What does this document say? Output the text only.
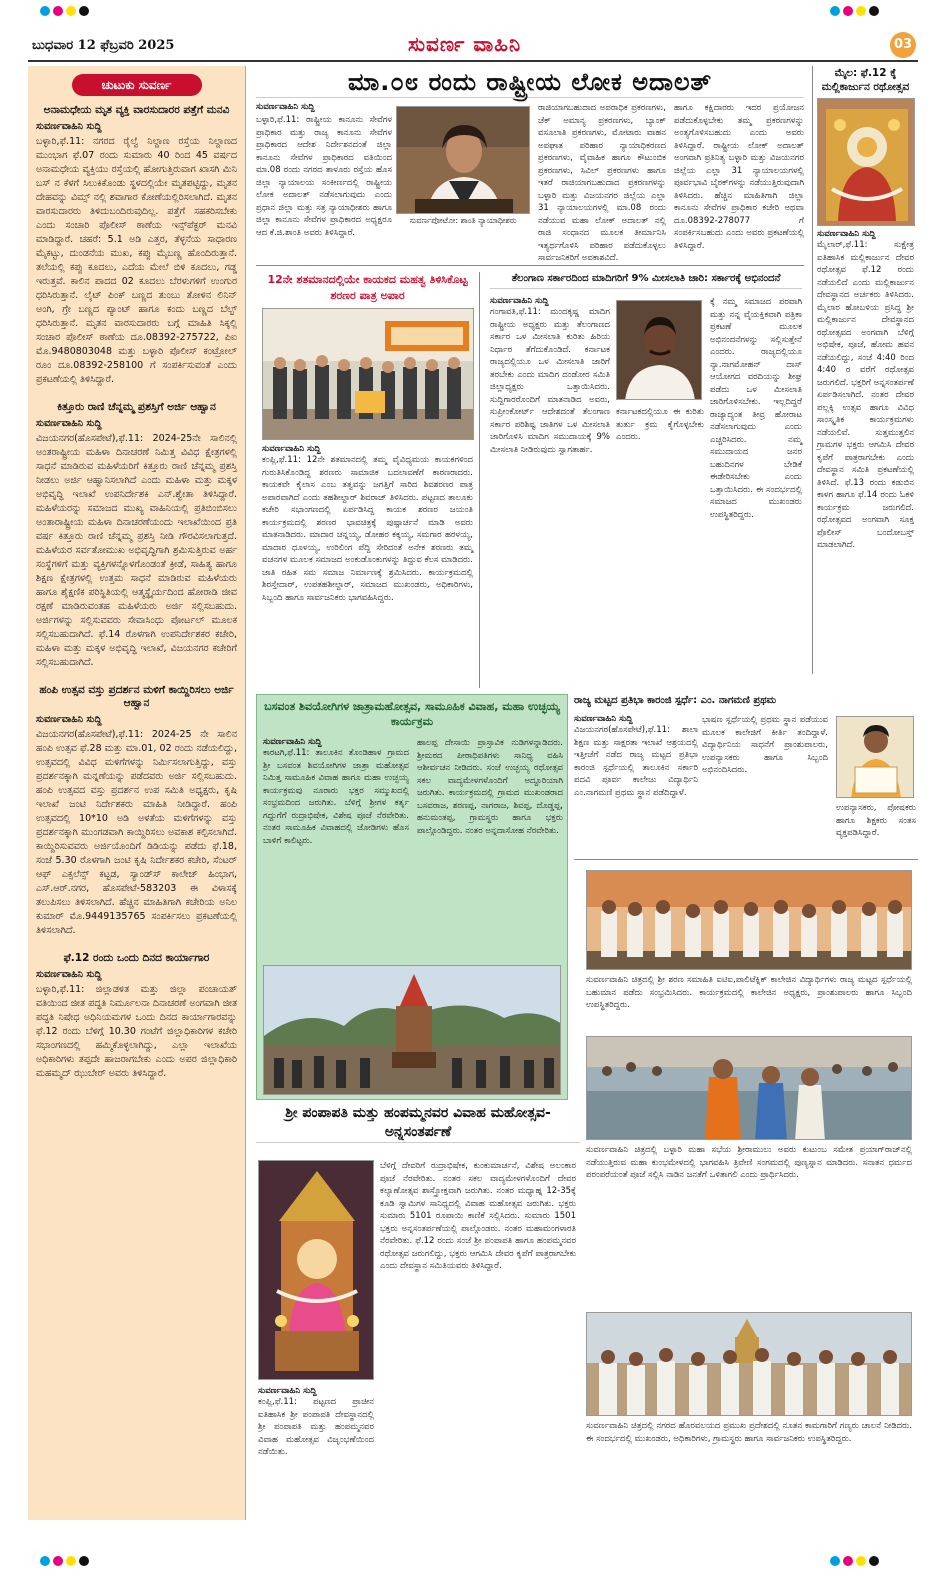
ಬುಧವಾರ 12 ಫೆಬ್ರವರಿ 2025	ಸುವರ್ಣ ವಾಹಿನಿ	03
ಚುಟುಕು ಸುವರ್ಣ
ಅನಾಮಧೇಯ ಮೃತ ವ್ಯಕ್ತಿ ವಾರಸುದಾರರ ಪತ್ತೆಗೆ ಮನವಿ
ಸುವರ್ಣವಾಹಿನಿ ಸುದ್ದಿ

ಬಳ್ಳಾರಿ,ಫೆ.11: ನಗರದ ರೈಲ್ವೆ ನಿಲ್ದಾಣ ರಸ್ತೆಯ ನಿಲ್ದಾಣದ ಮುಂಭಾಗ ಫೆ.07 ರಂದು ಸುಮಾರು 40 ರಿಂದ 45 ವರ್ಷದ ಅನಾಮಧೇಯ ವ್ಯಕ್ತಿಯು ರಸ್ತೆಯಲ್ಲಿ ಹೋಗುತ್ತಿರುವಾಗ ಖಾಸಗಿ ಮಿನಿ ಬಸ್ ನ ಕೆಳಗೆ ಸಿಲುಕಿಕೊಂಡು ಸ್ಥಳದಲ್ಲಿಯೇ ಮೃತಪಟ್ಟಿದ್ದು, ಮೃತನ ದೇಹವನ್ನು ವಿಮ್ಸ್ ನಲ್ಲಿ ಶವಾಗಾರ ಕೋಣೆಯಲ್ಲಿರಿಸಲಾಗಿದೆ. ಮೃತನ ವಾರಸುದಾರರು ತಿಳಿದುಬಂದಿರುವುದಿಲ್ಲ. ಪತ್ತೆಗೆ ಸಹಕರಿಸಬೇಕು ಎಂದು ಸಂಚಾರಿ ಪೊಲೀಸ್ ಠಾಣೆಯ ಇನ್ಸ್‌ಪೆಕ್ಟರ್ ಮನವಿ ಮಾಡಿದ್ದಾರೆ. ಚಹರೆ: 5.1 ಅಡಿ ಎತ್ತರ, ತೆಳ್ಳನೆಯ ಸಾಧಾರಣ ಮೈಕಟ್ಟು, ದುಂಡನೆಯ ಮುಖ, ಕಪ್ಪು ಮೈಬಣ್ಣ ಹೊಂದಿರುತ್ತಾನೆ. ತಲೆಯಲ್ಲಿ ಕಪ್ಪು ಕೂದಲು, ಎದೆಯ ಮೇಲೆ ಬಿಳಿ ಕೂದಲು, ಗಡ್ಡ ಇರುತ್ತವೆ. ಕಾಲಿನ ಪಾದದ 02 ಕೂದಲು ಬೆರಳುಗಳಿಗೆ ಉಂಗುರ ಧರಿಸಿರುತ್ತಾನೆ. ಲೈಟ್ ಪಿಂಕ್ ಬಣ್ಣದ ತುಂಬು ತೋಳಿನ ಲಿನಿನ್ ಅಂಗಿ, ಗ್ರೇ ಬಣ್ಣದ ಪ್ಯಾಂಟ್ ಹಾಗೂ ಕಂದು ಬಣ್ಣದ ಬೆಲ್ಟ್ ಧರಿಸಿರುತ್ತಾನೆ. ಮೃತನ ವಾರಸುದಾರರು ಬಗ್ಗೆ ಮಾಹಿತಿ ಸಿಕ್ಕಲ್ಲಿ ಸಂಚಾರ ಪೊಲೀಸ್ ಠಾಣೆಯ ದೂ.08392-275722, ಪಿಐ ಮೊ.9480803048 ಮತ್ತು ಬಳ್ಳಾರಿ ಪೊಲೀಸ್ ಕಂಟ್ರೋಲ್ ರೂಂ ದೂ.08392-258100 ಗೆ ಸಂಪರ್ಕಿಸುವಂತೆ ಎಂದು ಪ್ರಕಟಣೆಯಲ್ಲಿ ತಿಳಿಸಿದ್ದಾರೆ.

ಕಿತ್ತೂರು ರಾಣಿ ಚೆನ್ನಮ್ಮ ಪ್ರಶಸ್ತಿಗೆ ಅರ್ಜಿ ಆಹ್ವಾನ
ಸುವರ್ಣವಾಹಿನಿ ಸುದ್ದಿ

ವಿಜಯನಗರ(ಹೊಸಪೇಟೆ),ಫೆ.11: 2024-25ನೇ ಸಾಲಿನಲ್ಲಿ ಅಂತರಾಷ್ಟ್ರೀಯ ಮಹಿಳಾ ದಿನಾಚರಣೆ ನಿಮಿತ್ತ ವಿವಿಧ ಕ್ಷೇತ್ರಗಳಲ್ಲಿ ಸಾಧನೆ ಮಾಡಿರುವ ಮಹಿಳೆಯರಿಗೆ ಕಿತ್ತೂರು ರಾಣಿ ಚೆನ್ನಮ್ಮ ಪ್ರಶಸ್ತಿ ನೀಡಲು ಅರ್ಜಿ ಆಹ್ವಾನಿಸಲಾಗಿದೆ ಎಂದು ಮಹಿಳಾ ಮತ್ತು ಮಕ್ಕಳ ಅಭಿವೃದ್ಧಿ ಇಲಾಖೆ ಉಪನಿರ್ದೇಶಕಿ ಎನ್.ಶ್ವೇತಾ ತಿಳಿಸಿದ್ದಾರೆ. ಮಹಿಳೆಯರನ್ನು ಸಮಾಜದ ಮುಖ್ಯ ವಾಹಿನಿಯಲ್ಲಿ ಪ್ರತಿಬಿಂಬಿಸಲು ಅಂತಾರಾಷ್ಟ್ರೀಯ ಮಹಿಳಾ ದಿನಾಚರಣೆಯಂದು ಇಲಾಖೆಯಿಂದ ಪ್ರತಿ ವರ್ಷ ಕಿತ್ತೂರು ರಾಣಿ ಚೆನ್ನಮ್ಮ ಪ್ರಶಸ್ತಿ ನೀಡಿ ಗೌರವಿಸಲಾಗುತ್ತದೆ. ಮಹಿಳೆಯರ ಸರ್ವತೋಮುಖ ಅಭಿವೃದ್ಧಿಗಾಗಿ ಶ್ರಮಿಸುತ್ತಿರುವ ಅರ್ಹ ಸಂಸ್ಥೆಗಳಿಗೆ ಮತ್ತು ವ್ಯಕ್ತಿಗಳನ್ನೊಳಗೊಂಡಂತೆ ಕ್ರೀಡೆ, ಸಾಹಿತ್ಯ ಹಾಗೂ ಶಿಕ್ಷಣ ಕ್ಷೇತ್ರಗಳಲ್ಲಿ ಉತ್ತಮ ಸಾಧನೆ ಮಾಡಿರುವ ಮಹಿಳೆಯರು ಹಾಗೂ ಶೈಕ್ಷಣಿಕ ಪರಿಸ್ಥಿತಿಯಲ್ಲಿ ಆತ್ಮಸ್ಥೈರ್ಯದಿಂದ ಹೋರಾಡಿ ಜೀವ ರಕ್ಷಣೆ ಮಾಡಿರುವಂತಹ ಮಹಿಳೆಯರು ಅರ್ಜಿ ಸಲ್ಲಿಸಬಹುದು. ಅರ್ಜಿಗಳನ್ನು ಸಲ್ಲಿಸುವವರು ಸೇವಾಸಿಂಧು ಪೋರ್ಟಲ್ ಮೂಲಕ ಸಲ್ಲಿಸಬಹುದಾಗಿದೆ. ಫೆ.14 ರೊಳಗಾಗಿ ಉಪನಿರ್ದೇಶಕರ ಕಚೇರಿ, ಮಹಿಳಾ ಮತ್ತು ಮಕ್ಕಳ ಅಭಿವೃದ್ಧಿ ಇಲಾಖೆ, ವಿಜಯನಗರ ಕಚೇರಿಗೆ ಸಲ್ಲಿಸಬಹುದಾಗಿದೆ.

ಹಂಪಿ ಉತ್ಸವ ವಸ್ತು ಪ್ರದರ್ಶನ ಮಳಿಗೆ ಕಾಯ್ದಿರಿಸಲು ಅರ್ಜಿ ಆಹ್ವಾನ
ಸುವರ್ಣವಾಹಿನಿ ಸುದ್ದಿ

ವಿಜಯನಗರ(ಹೊಸಪೇಟೆ),ಫೆ.11: 2024-25 ನೇ ಸಾಲಿನ ಹಂಪಿ ಉತ್ಸವ ಫೆ.28 ಮತ್ತು ಮಾ.01, 02 ರಂದು ನಡೆಯಲಿದ್ದು, ಉತ್ಸವದಲ್ಲಿ ವಿವಿಧ ಮಳಿಗೆಗಳನ್ನು ನಿರ್ಮಿಸಲಾಗುತ್ತಿದ್ದು, ವಸ್ತು ಪ್ರದರ್ಶನಕ್ಕಾಗಿ ಮನ್ನಣೆಯನ್ನು ಪಡೆದವರು ಅರ್ಜಿ ಸಲ್ಲಿಸಬಹುದು. ಹಂಪಿ ಉತ್ಸವದ ವಸ್ತು ಪ್ರದರ್ಶನ ಉಪ ಸಮಿತಿ ಅಧ್ಯಕ್ಷರು, ಕೃಷಿ ಇಲಾಖೆ ಜಂಟಿ ನಿರ್ದೇಶಕರು ಮಾಹಿತಿ ನೀಡಿದ್ದಾರೆ. ಹಂಪಿ ಉತ್ಸವದಲ್ಲಿ 10*10 ಅಡಿ ಅಳತೆಯ ಮಳಿಗೆಗಳನ್ನು ವಸ್ತು ಪ್ರದರ್ಶನಕ್ಕಾಗಿ ಮುಂಗಡವಾಗಿ ಕಾಯ್ದಿರಿಸಲು ಅವಕಾಶ ಕಲ್ಪಿಸಲಾಗಿದೆ. ಕಾಯ್ದಿರಿಸುವವರು ಅರ್ಜಿಯೊಂದಿಗೆ ಡಿಡಿಯನ್ನು ಪಡೆದು ಫೆ.18, ಸಂಜೆ 5.30 ರೊಳಗಾಗಿ ಜಂಟಿ ಕೃಷಿ ನಿರ್ದೇಶಕರ ಕಚೇರಿ, ಸೆಂಟರ್ ಆಫ್ ಎಕ್ಸಲೆನ್ಸ್ ಕಟ್ಟಡ, ಸ್ಯಾಂಡ್‌ಸ್ ಕಾಲೇಜ್ ಹಿಂಭಾಗ, ಎಸ್.ಆರ್.ನಗರ, ಹೊಸಪೇಟೆ-583203 ಈ ವಿಳಾಸಕ್ಕೆ ತಲುಪಿಸಲು ತಿಳಿಸಲಾಗಿದೆ. ಹೆಚ್ಚಿನ ಮಾಹಿತಿಗಾಗಿ ಕಚೇರಿಯ ಅನಿಲ ಕುಮಾರ್ ಮೊ.9449135765 ಸಂಪರ್ಕಿಸಲು ಪ್ರಕಟಣೆಯಲ್ಲಿ ತಿಳಿಸಲಾಗಿದೆ.

ಫೆ.12 ರಂದು ಒಂದು ದಿನದ ಕಾರ್ಯಾಗಾರ
ಸುವರ್ಣವಾಹಿನಿ ಸುದ್ದಿ

ಬಳ್ಳಾರಿ,ಫೆ.11: ಜಿಲ್ಲಾಡಳಿತ ಮತ್ತು ಜಿಲ್ಲಾ ಪಂಚಾಯತ್ ವತಿಯಿಂದ ಜೀತ ಪದ್ಧತಿ ನಿರ್ಮೂಲನಾ ದಿನಾಚರಣೆ ಅಂಗವಾಗಿ ಜೀತ ಪದ್ಧತಿ ನಿಷೇಧ ಅಧಿನಿಯಮಗಳ ಒಂದು ದಿನದ ಕಾರ್ಯಾಗಾರವನ್ನು ಫೆ.12 ರಂದು ಬೆಳಿಗ್ಗೆ 10.30 ಗಂಟೆಗೆ ಜಿಲ್ಲಾಧಿಕಾರಿಗಳ ಕಚೇರಿ ಸಭಾಂಗಣದಲ್ಲಿ ಹಮ್ಮಿಕೊಳ್ಳಲಾಗಿದ್ದು, ಎಲ್ಲಾ ಇಲಾಖೆಯ ಅಧಿಕಾರಿಗಳು ತಪ್ಪದೇ ಹಾಜರಾಗಬೇಕು ಎಂದು ಅಪರ ಜಿಲ್ಲಾಧಿಕಾರಿ ಮಹಮ್ಮದ್ ಝುಬೇರ್ ಅವರು ತಿಳಿಸಿದ್ದಾರೆ.

ಮಾ.೦೮ ರಂದು ರಾಷ್ಟ್ರೀಯ ಲೋಕ ಅದಾಲತ್
ಸುವರ್ಣವಾಹಿನಿ ಸುದ್ದಿ

ಬಳ್ಳಾರಿ,ಫೆ.11: ರಾಷ್ಟ್ರೀಯ ಕಾನೂನು ಸೇವೆಗಳ ಪ್ರಾಧಿಕಾರ ಮತ್ತು ರಾಜ್ಯ ಕಾನೂನು ಸೇವೆಗಳ ಪ್ರಾಧಿಕಾರದ ಆದೇಶ ನಿರ್ದೇಶನದಂತೆ ಜಿಲ್ಲಾ ಕಾನೂನು ಸೇವೆಗಳ ಪ್ರಾಧಿಕಾರದ ವತಿಯಿಂದ ಮಾ.08 ರಂದು ನಗರದ ತಾಳೂರು ರಸ್ತೆಯ ಹೊಸ ಜಿಲ್ಲಾ ನ್ಯಾಯಾಲಯ ಸಂಕೀರ್ಣದಲ್ಲಿ ರಾಷ್ಟ್ರೀಯ ಲೋಕ ಅದಾಲತ್ ನಡೆಸಲಾಗುವುದು ಎಂದು ಪ್ರಧಾನ ಜಿಲ್ಲಾ ಮತ್ತು ಸತ್ರ ನ್ಯಾಯಾಧೀಶರು ಹಾಗೂ ಜಿಲ್ಲಾ ಕಾನೂನು ಸೇವೆಗಳ ಪ್ರಾಧಿಕಾರದ ಅಧ್ಯಕ್ಷರೂ ಆದ ಕೆ.ಜಿ.ಶಾಂತಿ ಅವರು ತಿಳಿಸಿದ್ದಾರೆ.

ಸುವರ್ಣಪೋಟೋ: ಶಾಂತಿ ನ್ಯಾಯಾಧೀಶರು

ರಾಜಿಯಾಗಬಹುದಾದ ಅಪರಾಧಿಕ ಪ್ರಕರಣಗಳು, ಚೆಕ್ ಅಮಾನ್ಯ ಪ್ರಕರಣಗಳು, ಬ್ಯಾಂಕ್ ವಸೂಲಾತಿ ಪ್ರಕರಣಗಳು, ಮೋಟಾರು ವಾಹನ ಅಪಘಾತ ಪರಿಹಾರ ನ್ಯಾಯಾಧಿಕರಣದ ಪ್ರಕರಣಗಳು, ವೈವಾಹಿಕ ಹಾಗೂ ಕೌಟುಂಬಿಕ ಪ್ರಕರಣಗಳು, ಸಿವಿಲ್ ಪ್ರಕರಣಗಳು ಹಾಗೂ ಇತರೆ ರಾಜಿಯಾಗಬಹುದಾದ ಪ್ರಕರಣಗಳನ್ನು ಬಳ್ಳಾರಿ ಮತ್ತು ವಿಜಯನಗರ ಜಿಲ್ಲೆಯ ಎಲ್ಲಾ 31 ನ್ಯಾಯಾಲಯಗಳಲ್ಲಿ ಮಾ.08 ರಂದು ನಡೆಯುವ ಮಹಾ ಲೋಕ್ ಅದಾಲತ್ ನಲ್ಲಿ ರಾಜಿ ಸಂಧಾನದ ಮೂಲಕ ತೀರ್ಮಾನಿಸಿ ಇತ್ಯರ್ಥಗೊಳಿಸಿ ಪರಿಹಾರ ಪಡೆದುಕೊಳ್ಳಲು ಸಾರ್ವಜನಿಕರಿಗೆ ಅವಕಾಶವಿದೆ.

ಹಾಗೂ ಕಕ್ಷಿದಾರರು ಇದರ ಪ್ರಯೋಜನ ಪಡೆದುಕೊಳ್ಳಬೇಕು ತಮ್ಮ ಪ್ರಕರಣಗಳನ್ನು ಅಂತ್ಯಗೊಳಿಸಬಹುದು ಎಂದು ಅವರು ತಿಳಿಸಿದ್ದಾರೆ. ರಾಷ್ಟ್ರೀಯ ಲೋಕ್ ಅದಾಲತ್ ಅಂಗವಾಗಿ ಪ್ರತಿನಿತ್ಯ ಬಳ್ಳಾರಿ ಮತ್ತು ವಿಜಯನಗರ ಜಿಲ್ಲೆಯ ಎಲ್ಲಾ 31 ನ್ಯಾಯಾಲಯಗಳಲ್ಲಿ ಪೂರ್ವಭಾವಿ ಬೈಠಕ್‌ಗಳನ್ನು ನಡೆಯುತ್ತಿರುವುದಾಗಿ ತಿಳಿಸಿದರು. ಹೆಚ್ಚಿನ ಮಾಹಿತಿಗಾಗಿ ಜಿಲ್ಲಾ ಕಾನೂನು ಸೇವೆಗಳ ಪ್ರಾಧಿಕಾರ ಕಚೇರಿ ಅಥವಾ ದೂ.08392-278077 ಗೆ ಸಂಪರ್ಕಿಸಬಹುದು ಎಂದು ಅವರು ಪ್ರಕಟಣೆಯಲ್ಲಿ ತಿಳಿಸಿದ್ದಾರೆ.

ಮೈಲ: ಫೆ.12 ಕ್ಕೆ ಮಲ್ಲಿಕಾರ್ಜುನ ರಥೋತ್ಸವ
ಸುವರ್ಣವಾಹಿನಿ ಸುದ್ದಿ

ಮೈಲಾರ್,ಫೆ.11: ಸುಕ್ಷೇತ್ರ ಐತಿಹಾಸಿಕ ಮಲ್ಲಿಕಾರ್ಜುನ ದೇವರ ರಥೋತ್ಸವ ಫೆ.12 ರಂದು ನಡೆಯಲಿದೆ ಎಂದು ಮಲ್ಲಿಕಾರ್ಜುನ ದೇವಸ್ಥಾನದ ಅರ್ಚಕರು ತಿಳಿಸಿದರು. ಮೈಲಾರ ಹೋಬಳಿಯ ಪ್ರಸಿದ್ಧ ಶ್ರೀ ಮಲ್ಲಿಕಾರ್ಜುನ ದೇವಸ್ಥಾನದ ರಥೋತ್ಸವದ ಅಂಗವಾಗಿ ಬೆಳಿಗ್ಗೆ ಅಭಿಷೇಕ, ಪೂಜೆ, ಹೋಮ ಹವನ ನಡೆಯಲಿದ್ದು, ಸಂಜೆ 4:40 ರಿಂದ 4:40 ರ ವರೆಗೆ ರಥೋತ್ಸವ ಜರುಗಲಿದೆ. ಭಕ್ತರಿಗೆ ಅನ್ನಸಂತರ್ಪಣೆ ಏರ್ಪಡಿಸಲಾಗಿದೆ. ನಂತರ ದೇವರ ಪಲ್ಲಕ್ಕಿ ಉತ್ಸವ ಹಾಗೂ ವಿವಿಧ ಸಾಂಸ್ಕೃತಿಕ ಕಾರ್ಯಕ್ರಮಗಳು ನಡೆಯಲಿವೆ. ಸುತ್ತಮುತ್ತಲಿನ ಗ್ರಾಮಗಳ ಭಕ್ತರು ಆಗಮಿಸಿ ದೇವರ ಕೃಪೆಗೆ ಪಾತ್ರರಾಗಬೇಕು ಎಂದು ದೇವಸ್ಥಾನ ಸಮಿತಿ ಪ್ರಕಟಣೆಯಲ್ಲಿ ತಿಳಿಸಿದೆ. ಫೆ.13 ರಂದು ಕಡುಬಿನ ಕಾಳಗ ಹಾಗೂ ಫೆ.14 ರಂದು ಓಕಳಿ ಕಾರ್ಯಕ್ರಮ ಜರುಗಲಿದೆ. ರಥೋತ್ಸವದ ಅಂಗವಾಗಿ ಸೂಕ್ತ ಪೊಲೀಸ್ ಬಂದೋಬಸ್ತ್ ಮಾಡಲಾಗಿದೆ.

12ನೇ ಶತಮಾನದಲ್ಲಿಯೇ ಕಾಯಕದ ಮಹತ್ವ ತಿಳಿಸಿಕೊಟ್ಟ ಶರಣರ ಪಾತ್ರ ಅಪಾರ
ಸುವರ್ಣವಾಹಿನಿ ಸುದ್ದಿ

ಕಂಪ್ಲಿ,ಫೆ.11: 12ನೇ ಶತಮಾನದಲ್ಲಿ ತಮ್ಮ ವೈವಿಧ್ಯಮಯ ಕಾಯಕಗಳಿಂದ ಗುರುತಿಸಿಕೊಂಡಿದ್ದ ಶರಣರು ಸಾಮಾಜಿಕ ಬದಲಾವಣೆಗೆ ಕಾರಣರಾದರು. ಕಾಯಕವೇ ಕೈಲಾಸ ಎಂಬ ತತ್ವವನ್ನು ಜಗತ್ತಿಗೆ ಸಾರಿದ ಶಿವಶರಣರ ಪಾತ್ರ ಅಪಾರವಾಗಿದೆ ಎಂದು ತಹಶೀಲ್ದಾರ್ ಶಿವರಾಜ್ ತಿಳಿಸಿದರು. ಪಟ್ಟಣದ ತಾಲೂಕು ಕಚೇರಿ ಸಭಾಂಗಣದಲ್ಲಿ ಏರ್ಪಡಿಸಿದ್ದ ಕಾಯಕ ಶರಣರ ಜಯಂತಿ ಕಾರ್ಯಕ್ರಮದಲ್ಲಿ ಶರಣರ ಭಾವಚಿತ್ರಕ್ಕೆ ಪುಷ್ಪಾರ್ಚನೆ ಮಾಡಿ ಅವರು ಮಾತನಾಡಿದರು. ಮಾದಾರ ಚನ್ನಯ್ಯ, ಡೋಹರ ಕಕ್ಕಯ್ಯ, ಸಮಗಾರ ಹರಳಯ್ಯ, ಮಾದಾರ ಧೂಳಯ್ಯ, ಉರಿಲಿಂಗ ಪೆದ್ದಿ ಸೇರಿದಂತೆ ಅನೇಕ ಶರಣರು ತಮ್ಮ ವಚನಗಳ ಮೂಲಕ ಸಮಾಜದ ಅಂಕುಡೊಂಕುಗಳನ್ನು ತಿದ್ದುವ ಕೆಲಸ ಮಾಡಿದರು. ಜಾತಿ ರಹಿತ ಸಮ ಸಮಾಜ ನಿರ್ಮಾಣಕ್ಕೆ ಶ್ರಮಿಸಿದರು. ಕಾರ್ಯಕ್ರಮದಲ್ಲಿ ಶಿರಸ್ತೇದಾರ್, ಉಪತಹಶೀಲ್ದಾರ್, ಸಮಾಜದ ಮುಖಂಡರು, ಅಧಿಕಾರಿಗಳು, ಸಿಬ್ಬಂದಿ ಹಾಗೂ ಸಾರ್ವಜನಿಕರು ಭಾಗವಹಿಸಿದ್ದರು.

ತೆಲಂಗಾಣ ಸರ್ಕಾರದಿಂದ ಮಾದಿಗರಿಗೆ 9% ಮೀಸಲಾತಿ ಜಾರಿ: ಸರ್ಕಾರಕ್ಕೆ ಅಭಿನಂದನೆ
ಸುವರ್ಣವಾಹಿನಿ ಸುದ್ದಿ

ಗಂಗಾವತಿ,ಫೆ.11: ಮಂದಕೃಷ್ಣ ಮಾದಿಗ ರಾಷ್ಟ್ರೀಯ ಅಧ್ಯಕ್ಷರು ಮತ್ತು ತೆಲಂಗಾಣದ ಸರ್ಕಾರ ಒಳ ಮೀಸಲಾತಿ ಕುರಿತು ಹಿರಿಯ ನಿರ್ಧಾರ ತೆಗೆದುಕೊಂಡಿದೆ. ಕರ್ನಾಟಕ ರಾಜ್ಯದಲ್ಲಿಯೂ ಒಳ ಮೀಸಲಾತಿ ಜಾರಿಗೆ ತರಬೇಕು ಎಂದು ಮಾದಿಗ ದಂಡೋರ ಸಮಿತಿ ಜಿಲ್ಲಾಧ್ಯಕ್ಷರು ಒತ್ತಾಯಿಸಿದರು. ಸುದ್ದಿಗಾರರೊಂದಿಗೆ ಮಾತನಾಡಿದ ಅವರು, ಸುಪ್ರೀಂಕೋರ್ಟ್ ಆದೇಶದಂತೆ ತೆಲಂಗಾಣ ಸರ್ಕಾರ ಪರಿಶಿಷ್ಟ ಜಾತಿಗಳ ಒಳ ಮೀಸಲಾತಿ ಜಾರಿಗೊಳಿಸಿ ಮಾದಿಗ ಸಮುದಾಯಕ್ಕೆ 9% ಮೀಸಲಾತಿ ನೀಡಿರುವುದು ಸ್ವಾಗತಾರ್ಹ.

ಕರ್ನಾಟಕದಲ್ಲಿಯೂ ಈ ಕುರಿತು ತುರ್ತು ಕ್ರಮ ಕೈಗೊಳ್ಳಬೇಕು ಎಂದರು.

ಕ್ಕೆ ನಮ್ಮ ಸಮಾಜದ ಪರವಾಗಿ ಮತ್ತು ನನ್ನ ವೈಯಕ್ತಿಕವಾಗಿ ಪತ್ರಿಕಾ ಪ್ರಕಟಣೆ ಮೂಲಕ ಅಭಿನಂದನೆಗಳನ್ನು ಸಲ್ಲಿಸುತ್ತೇನೆ ಎಂದರು. ರಾಜ್ಯದಲ್ಲಿಯೂ ನ್ಯಾ.ನಾಗಮೋಹನ್ ದಾಸ್ ಆಯೋಗದ ವರದಿಯನ್ನು ಶೀಘ್ರ ಪಡೆದು ಒಳ ಮೀಸಲಾತಿ ಜಾರಿಗೊಳಿಸಬೇಕು. ಇಲ್ಲದಿದ್ದರೆ ರಾಜ್ಯಾದ್ಯಂತ ತೀವ್ರ ಹೋರಾಟ ನಡೆಸಲಾಗುವುದು ಎಂದು ಎಚ್ಚರಿಸಿದರು. ನಮ್ಮ ಸಮುದಾಯದ ಜನರ ಬಹುದಿನಗಳ ಬೇಡಿಕೆ ಈಡೇರಿಸಬೇಕು ಎಂದು ಒತ್ತಾಯಿಸಿದರು. ಈ ಸಂದರ್ಭದಲ್ಲಿ ಸಮಾಜದ ಮುಖಂಡರು ಉಪಸ್ಥಿತರಿದ್ದರು.

ಬಸವಂತ ಶಿವಯೋಗಿಗಳ ಜಾತ್ರಾಮಹೋತ್ಸವ, ಸಾಮೂಹಿಕ ವಿವಾಹ, ಮಹಾ ಉಚ್ಛಯ್ಯ ಕಾರ್ಯಕ್ರಮ
ಸುವರ್ಣವಾಹಿನಿ ಸುದ್ದಿ

ಕಾರಟಗಿ,ಫೆ.11: ತಾಲೂಕಿನ ತೊಂಡಿಹಾಳ ಗ್ರಾಮದ ಶ್ರೀ ಬಸವಂತ ಶಿವಯೋಗಿಗಳ ಜಾತ್ರಾ ಮಹೋತ್ಸವ ನಿಮಿತ್ತ ಸಾಮೂಹಿಕ ವಿವಾಹ ಹಾಗೂ ಮಹಾ ಉಚ್ಛಯ್ಯ ಕಾರ್ಯಕ್ರಮವು ನೂರಾರು ಭಕ್ತರ ಸಮ್ಮುಖದಲ್ಲಿ ಸಂಭ್ರಮದಿಂದ ಜರುಗಿತು. ಬೆಳಿಗ್ಗೆ ಶ್ರೀಗಳ ಕರ್ತೃ ಗದ್ದುಗೆಗೆ ರುದ್ರಾಭಿಷೇಕ, ವಿಶೇಷ ಪೂಜೆ ನೆರವೇರಿತು. ನಂತರ ಸಾಮೂಹಿಕ ವಿವಾಹದಲ್ಲಿ ಜೋಡಿಗಳು ಹೊಸ ಬಾಳಿಗೆ ಕಾಲಿಟ್ಟರು.

ಹಾಲಪ್ಪ ದೇಸಾಯಿ ಪ್ರಾಸ್ತಾವಿಕ ನುಡಿಗಳನ್ನಾಡಿದರು. ಶ್ರೀಮಠದ ಪೀಠಾಧಿಪತಿಗಳು ಸಾನಿಧ್ಯ ವಹಿಸಿ ಆಶೀರ್ವಚನ ನೀಡಿದರು. ಸಂಜೆ ಉಚ್ಛಯ್ಯ ರಥೋತ್ಸವ ಸಕಲ ವಾದ್ಯಮೇಳಗಳೊಂದಿಗೆ ಅದ್ದೂರಿಯಾಗಿ ಜರುಗಿತು. ಕಾರ್ಯಕ್ರಮದಲ್ಲಿ ಗ್ರಾಮದ ಮುಖಂಡರಾದ ಬಸವರಾಜ, ಶರಣಪ್ಪ, ನಾಗರಾಜ, ಶಿವಪ್ಪ, ದೊಡ್ಡಪ್ಪ, ಹನುಮಂತಪ್ಪ, ಗ್ರಾಮಸ್ಥರು ಹಾಗೂ ಭಕ್ತರು ಪಾಲ್ಗೊಂಡಿದ್ದರು. ನಂತರ ಅನ್ನದಾಸೋಹ ನೆರವೇರಿತು.

ರಾಜ್ಯ ಮಟ್ಟದ ಪ್ರತಿಭಾ ಕಾರಂಜಿ ಸ್ಪರ್ಧೆ: ಎಂ. ನಾಗಮಣಿ ಪ್ರಥಮ
ಸುವರ್ಣವಾಹಿನಿ ಸುದ್ದಿ

ವಿಜಯನಗರ(ಹೊಸಪೇಟೆ),ಫೆ.11: ಶಾಲಾ ಶಿಕ್ಷಣ ಮತ್ತು ಸಾಕ್ಷರತಾ ಇಲಾಖೆ ಆಶ್ರಯದಲ್ಲಿ ಇತ್ತೀಚೆಗೆ ನಡೆದ ರಾಜ್ಯ ಮಟ್ಟದ ಪ್ರತಿಭಾ ಕಾರಂಜಿ ಸ್ಪರ್ಧೆಯಲ್ಲಿ ತಾಲೂಕಿನ ಸರ್ಕಾರಿ ಪದವಿ ಪೂರ್ವ ಕಾಲೇಜು ವಿದ್ಯಾರ್ಥಿನಿ ಎಂ.ನಾಗಮಣಿ ಪ್ರಥಮ ಸ್ಥಾನ ಪಡೆದಿದ್ದಾಳೆ.

ಭಾಷಣ ಸ್ಪರ್ಧೆಯಲ್ಲಿ ಪ್ರಥಮ ಸ್ಥಾನ ಪಡೆಯುವ ಮೂಲಕ ಕಾಲೇಜಿಗೆ ಕೀರ್ತಿ ತಂದಿದ್ದಾಳೆ. ವಿದ್ಯಾರ್ಥಿನಿಯ ಸಾಧನೆಗೆ ಪ್ರಾಂಶುಪಾಲರು, ಉಪನ್ಯಾಸಕರು ಹಾಗೂ ಸಿಬ್ಬಂದಿ ಅಭಿನಂದಿಸಿದರು.

ಉಪನ್ಯಾಸಕರು, ಪೋಷಕರು ಹಾಗೂ ಶಿಕ್ಷಕರು ಸಂತಸ ವ್ಯಕ್ತಪಡಿಸಿದ್ದಾರೆ.

ಸುವರ್ಣವಾಹಿನಿ ಚಿತ್ರದಲ್ಲಿ ಶ್ರೀ ಶರಣ ಸಮಾಹಿತಿ ಐಟಿಐ,ಪಾಲಿಟೆಕ್ನಿಕ್ ಕಾಲೇಜಿನ ವಿದ್ಯಾರ್ಥಿಗಳು ರಾಜ್ಯ ಮಟ್ಟದ ಸ್ಪರ್ಧೆಯಲ್ಲಿ ಬಹುಮಾನ ಪಡೆದು ಸಂಭ್ರಮಿಸಿದರು. ಕಾರ್ಯಕ್ರಮದಲ್ಲಿ ಕಾಲೇಜಿನ ಅಧ್ಯಕ್ಷರು, ಪ್ರಾಂಶುಪಾಲರು ಹಾಗೂ ಸಿಬ್ಬಂದಿ ಉಪಸ್ಥಿತರಿದ್ದರು.

ಸುವರ್ಣವಾಹಿನಿ ಚಿತ್ರದಲ್ಲಿ ಬಳ್ಳಾರಿ ಮಹಾ ಸಭೆಯ ಶ್ರೀರಾಮುಲು ಅವರು ಕುಟುಂಬ ಸಮೇತ ಪ್ರಯಾಗ್‌ರಾಜ್‌ನಲ್ಲಿ ನಡೆಯುತ್ತಿರುವ ಮಹಾ ಕುಂಭಮೇಳದಲ್ಲಿ ಭಾಗವಹಿಸಿ ತ್ರಿವೇಣಿ ಸಂಗಮದಲ್ಲಿ ಪುಣ್ಯಸ್ನಾನ ಮಾಡಿದರು. ಸನಾತನ ಧರ್ಮದ ಪರಂಪರೆಯಂತೆ ಪೂಜೆ ಸಲ್ಲಿಸಿ ನಾಡಿನ ಜನತೆಗೆ ಒಳಿತಾಗಲಿ ಎಂದು ಪ್ರಾರ್ಥಿಸಿದರು.

ಸುವರ್ಣವಾಹಿನಿ ಚಿತ್ರದಲ್ಲಿ ನಗರದ ಹೊರವಲಯದ ಪ್ರಮುಖ ಪ್ರದೇಶದಲ್ಲಿ ನೂತನ ಕಾಮಗಾರಿಗೆ ಗಣ್ಯರು ಚಾಲನೆ ನೀಡಿದರು. ಈ ಸಂದರ್ಭದಲ್ಲಿ ಮುಖಂಡರು, ಅಧಿಕಾರಿಗಳು, ಗ್ರಾಮಸ್ಥರು ಹಾಗೂ ಸಾರ್ವಜನಿಕರು ಉಪಸ್ಥಿತರಿದ್ದರು.

ಶ್ರೀ ಪಂಪಾಪತಿ ಮತ್ತು ಹಂಪಮ್ಮನವರ ವಿವಾಹ ಮಹೋತ್ಸವ- ಅನ್ನಸಂತರ್ಪಣೆ
ಸುವರ್ಣವಾಹಿನಿ ಸುದ್ದಿ

ಕಂಪ್ಲಿ,ಫೆ.11: ಪಟ್ಟಣದ ಪ್ರಾಚೀನ ಐತಿಹಾಸಿಕ ಶ್ರೀ ಪಂಪಾಪತಿ ದೇವಸ್ಥಾನದಲ್ಲಿ ಶ್ರೀ ಪಂಪಾಪತಿ ಮತ್ತು ಹಂಪಮ್ಮನವರ ವಿವಾಹ ಮಹೋತ್ಸವ ವಿಜೃಂಭಣೆಯಿಂದ ನಡೆಯಿತು.

ಬೆಳಿಗ್ಗೆ ದೇವರಿಗೆ ರುದ್ರಾಭಿಷೇಕ, ಕುಂಕುಮಾರ್ಚನೆ, ವಿಶೇಷ ಅಲಂಕಾರ ಪೂಜೆ ನೆರವೇರಿತು. ನಂತರ ಸಕಲ ವಾದ್ಯಮೇಳಗಳೊಂದಿಗೆ ದೇವರ ಕಲ್ಯಾಣೋತ್ಸವ ಶಾಸ್ತ್ರೋಕ್ತವಾಗಿ ಜರುಗಿತು. ನಂತರ ಮಧ್ಯಾಹ್ನ 12-35ಕ್ಕೆ ಕೂಡಿ ಸ್ವಾಮಿಗಳ ಸಾನಿಧ್ಯದಲ್ಲಿ ವಿವಾಹ ಮಹೋತ್ಸವ ಜರುಗಿತು. ಭಕ್ತರು ಸುಮಾರು 5101 ರೂಪಾಯಿ ಕಾಣಿಕೆ ಸಲ್ಲಿಸಿದರು. ಸುಮಾರು 1501 ಭಕ್ತರು ಅನ್ನಸಂತರ್ಪಣೆಯಲ್ಲಿ ಪಾಲ್ಗೊಂಡರು. ನಂತರ ಮಹಾಮಂಗಳಾರತಿ ನೆರವೇರಿತು. ಫೆ.12 ರಂದು ಸಂಜೆ ಶ್ರೀ ಪಂಪಾಪತಿ ಹಾಗೂ ಹಂಪಮ್ಮನವರ ರಥೋತ್ಸವ ಜರುಗಲಿದ್ದು, ಭಕ್ತರು ಆಗಮಿಸಿ ದೇವರ ಕೃಪೆಗೆ ಪಾತ್ರರಾಗಬೇಕು ಎಂದು ದೇವಸ್ಥಾನ ಸಮಿತಿಯವರು ತಿಳಿಸಿದ್ದಾರೆ.
